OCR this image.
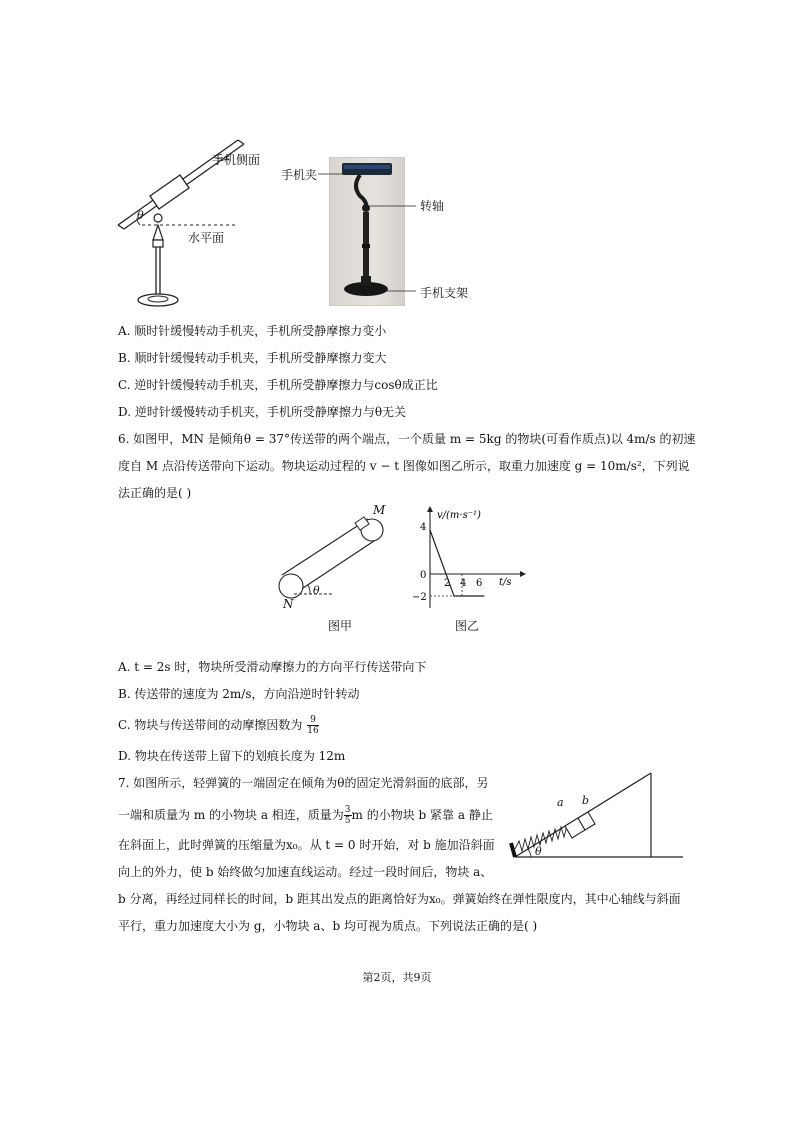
手机侧面
θ
水平面
手机夹
转轴
手机支架
A. 顺时针缓慢转动手机夹，手机所受静摩擦力变小
B. 顺时针缓慢转动手机夹，手机所受静摩擦力变大
C. 逆时针缓慢转动手机夹，手机所受静摩擦力与cosθ成正比
D. 逆时针缓慢转动手机夹，手机所受静摩擦力与θ无关
6. 如图甲，MN 是倾角θ = 37°传送带的两个端点，一个质量 m = 5kg 的物块(可看作质点)以 4m/s 的初速
度自 M 点沿传送带向下运动。物块运动过程的 v − t 图像如图乙所示，取重力加速度 g = 10m/s²，下列说
法正确的是( )
M
N
θ
图甲
v/(m·s⁻¹)
t/s
4
0
−2
2 4 6
图乙
A. t = 2s 时，物块所受滑动摩擦力的方向平行传送带向下
B. 传送带的速度为 2m/s，方向沿逆时针转动
C. 物块与传送带间的动摩擦因数为 $\frac{9}{16}$
D. 物块在传送带上留下的划痕长度为 12m
7. 如图所示，轻弹簧的一端固定在倾角为θ的固定光滑斜面的底部，另
一端和质量为 m 的小物块 a 相连，质量为 $\frac{3}{5}$ m 的小物块 b 紧靠 a 静止
在斜面上，此时弹簧的压缩量为x₀。从 t = 0 时开始，对 b 施加沿斜面
向上的外力，使 b 始终做匀加速直线运动。经过一段时间后，物块 a、
b 分离，再经过同样长的时间，b 距其出发点的距离恰好为x₀。弹簧始终在弹性限度内，其中心轴线与斜面
平行，重力加速度大小为 g，小物块 a、b 均可视为质点。下列说法正确的是( )
a b
θ
第2页，共9页
